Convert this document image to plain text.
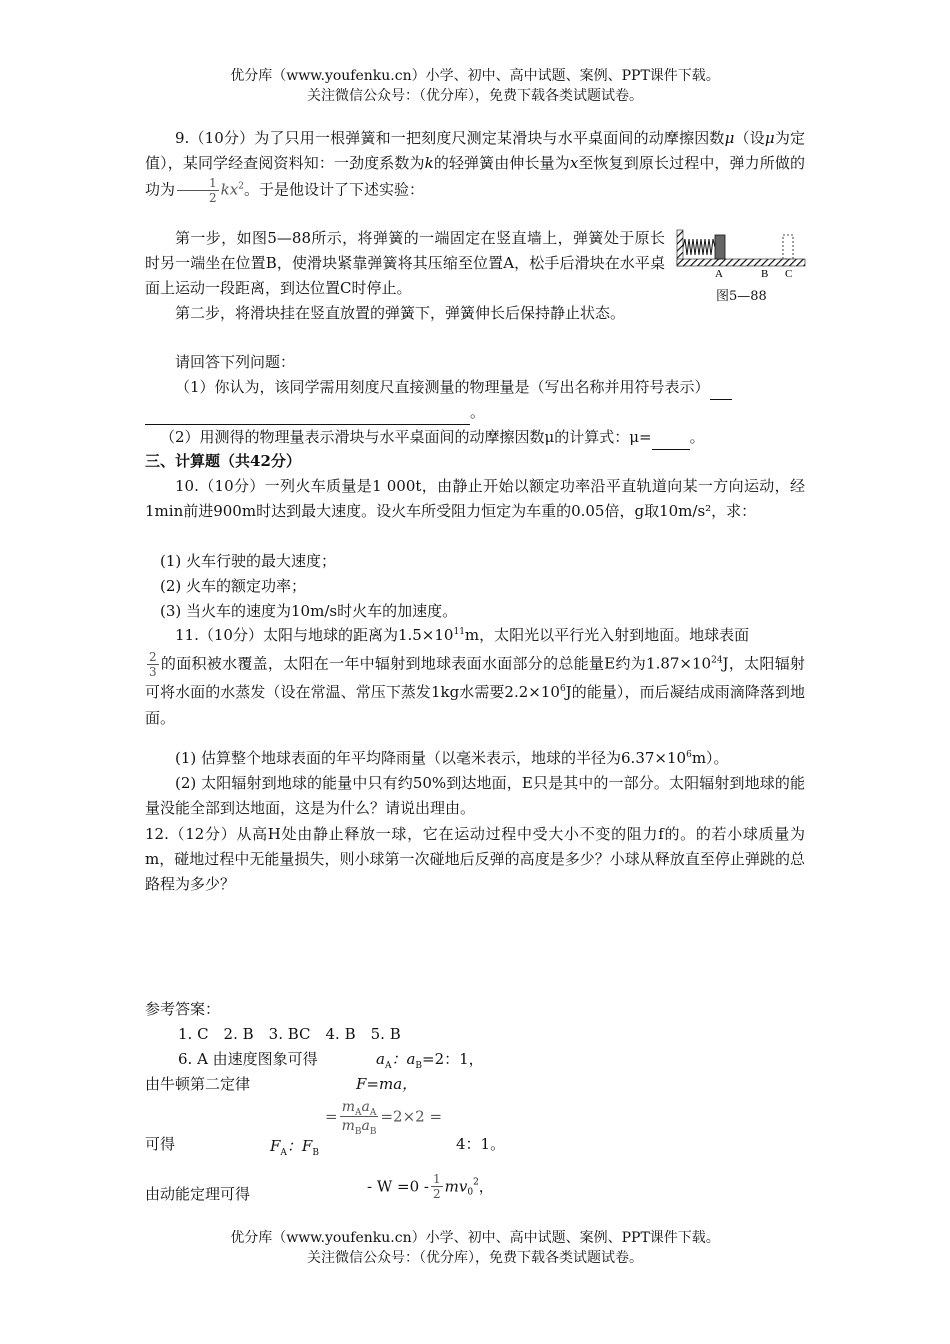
优分库（www.youfenku.cn）小学、初中、高中试题、案例、PPT课件下载。
关注微信公众号：（优分库），免费下载各类试题试卷。

9.（10分）为了只用一根弹簧和一把刻度尺测定某滑块与水平桌面间的动摩擦因数μ（设μ为定值），某同学经查阅资料知：一劲度系数为k的轻弹簧由伸长量为x至恢复到原长过程中，弹力所做的功为 $\frac{1}{2} kx^2$。于是他设计了下述实验：

第一步，如图5—88所示，将弹簧的一端固定在竖直墙上，弹簧处于原长时另一端坐在位置B，使滑块紧靠弹簧将其压缩至位置A，松手后滑块在水平桌面上运动一段距离，到达位置C时停止。

第二步，将滑块挂在竖直放置的弹簧下，弹簧伸长后保持静止状态。

A	B C
图5—88
请回答下列问题：
（1）你认为，该同学需用刻度尺直接测量的物理量是（写出名称并用符号表示）
。
（2）用测得的物理量表示滑块与水平桌面间的动摩擦因数μ的计算式：μ=	。
三、计算题（共42分）

10.（10分）一列火车质量是1 000t，由静止开始以额定功率沿平直轨道向某一方向运动，经1min前进900m时达到最大速度。设火车所受阻力恒定为车重的0.05倍，g取10m/s²，求：

(1) 火车行驶的最大速度；
(2) 火车的额定功率；
(3) 当火车的速度为10m/s时火车的加速度。

11.（10分）太阳与地球的距离为$1.5\times 10^{11}m$，太阳光以平行光入射到地面。地球表面

$\frac{2}{3}$ 的面积被水覆盖，太阳在一年中辐射到地球表面水面部分的总能量E约为$1.87\times 10^{24}J$，太阳辐射可将水面的水蒸发（设在常温、常压下蒸发1kg水需要$2.2\times 10^6J$的能量），而后凝结成雨滴降落到地面。

(1) 估算整个地球表面的年平均降雨量（以毫米表示，地球的半径为$6.37\times 10^6m$）。

(2) 太阳辐射到地球的能量中只有约50%到达地面，E只是其中的一部分。太阳辐射到地球的能量没能全部到达地面，这是为什么？请说出理由。

12.（12分）从高H处由静止释放一球，它在运动过程中受大小不变的阻力f的。的若小球质量为m，碰地过程中无能量损失，则小球第一次碰地后反弹的高度是多少？小球从释放直至停止弹跳的总路程为多少？

参考答案：
1. C　2. B　3. BC　4. B　5. B
6. A 由速度图象可得	$a_A$：$a_B=2$：1，
由牛顿第二定律	F=ma，
可得	$F_A$：$F_B$
= $\frac{m_Aa_A}{m_Ba_B} =2\times 2$ =
4：1。
由动能定理可得	- $W =0 - \frac{1}{2} mv_0^2$，
优分库（www.youfenku.cn）小学、初中、高中试题、案例、PPT课件下载。
关注微信公众号：（优分库），免费下载各类试题试卷。
